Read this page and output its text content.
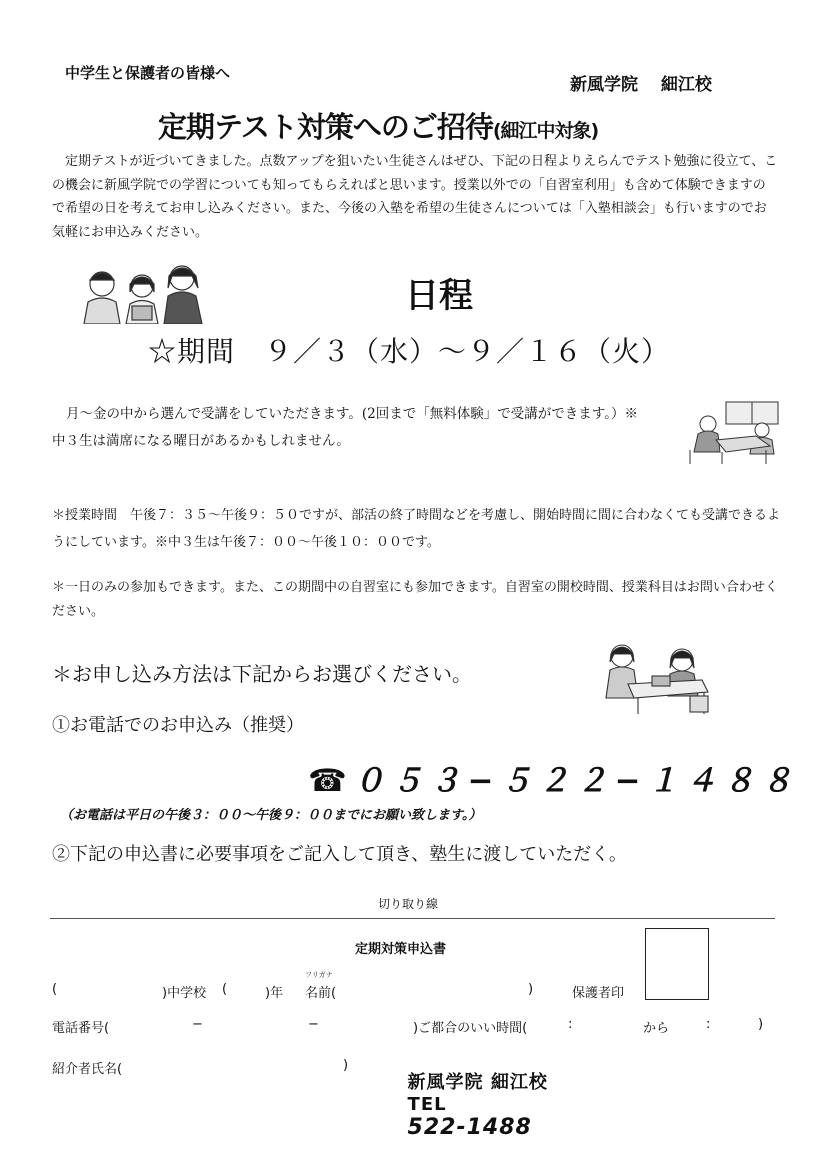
中学生と保護者の皆様へ
新風学院　 細江校
定期テスト対策へのご招待(細江中対象)
定期テストが近づいてきました。点数アップを狙いたい生徒さんはぜひ、下記の日程よりえらんでテスト勉強に役立て、この機会に新風学院での学習についても知ってもらえればと思います。授業以外での「自習室利用」も含めて体験できますので希望の日を考えてお申し込みください。また、今後の入塾を希望の生徒さんについては「入塾相談会」も行いますのでお気軽にお申込みください。
日程
☆期間　９／３（水）〜９／１６（火）
月〜金の中から選んで受講をしていただきます。(2回まで「無料体験」で受講ができます。）※中３生は満席になる曜日があるかもしれません。
＊授業時間　午後７：３５〜午後９：５０ですが、部活の終了時間などを考慮し、開始時間に間に合わなくても受講できるようにしています。※中３生は午後７：００〜午後１０：００です。
＊一日のみの参加もできます。また、この期間中の自習室にも参加できます。自習室の開校時間、授業科目はお問い合わせください。
＊お申し込み方法は下記からお選びください。
①お電話でのお申込み（推奨）
☎０５３−５２２−１４８８
（お電話は平日の午後３：００〜午後９：００までにお願い致します。）
②下記の申込書に必要事項をご記入して頂き、塾生に渡していただく。
切り取り線
定期対策申込書
(	)中学校 (	)年
フリガナ
名前(	)	保護者印
電話番号(	−	−	)ご都合のいい時間(	:	から	:	)
紹介者氏名(	)

新風学院 細江校
TEL
522-1488
